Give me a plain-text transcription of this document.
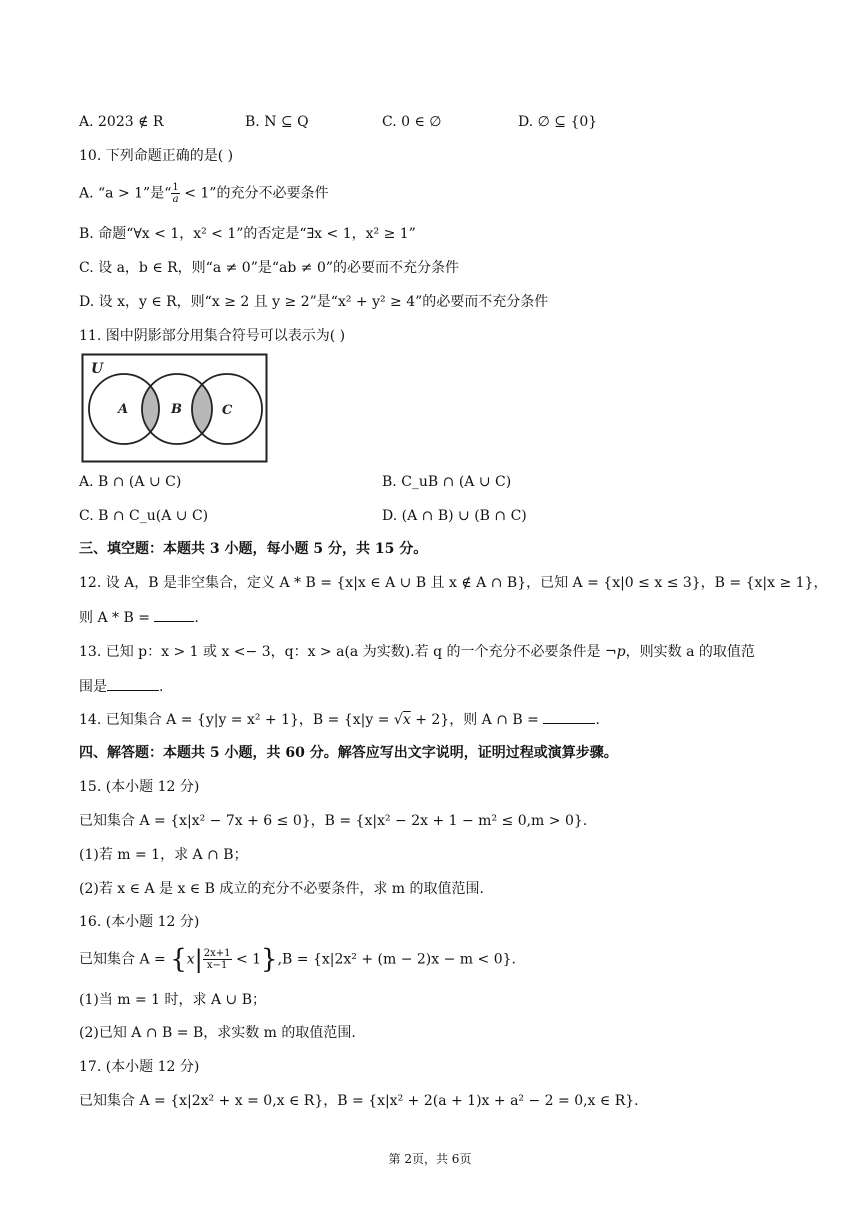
A. 2023 ∉ R	B. N ⊆ Q	C. 0 ∈ ∅	D. ∅ ⊆ {0}
10. 下列命题正确的是( )
A. “a > 1”是“ $\frac{1}{a} < 1$”的充分不必要条件
B. 命题“∀x < 1，x² < 1”的否定是“∃x < 1，x² ≥ 1”
C. 设 a，b ∈ R，则“a ≠ 0”是“ab ≠ 0”的必要而不充分条件
D. 设 x，y ∈ R，则“x ≥ 2 且 y ≥ 2”是“x² + y² ≥ 4”的必要而不充分条件
11. 图中阴影部分用集合符号可以表示为( )
U
A	B	C
A. B ∩ (A ∪ C)	B. C_uB ∩ (A ∪ C)
C. B ∩ C_u(A ∪ C)	D. (A ∩ B) ∪ (B ∩ C)
三、填空题：本题共 3 小题，每小题 5 分，共 15 分。
12. 设 A，B 是非空集合，定义 A * B = {x|x ∈ A ∪ B 且 x ∉ A ∩ B}，已知 A = {x|0 ≤ x ≤ 3}，B = {x|x ≥ 1}，
则 A * B =	.
13. 已知 p：x > 1 或 x <− 3，q：x > a(a 为实数).若 q 的一个充分不必要条件是 ¬p，则实数 a 的取值范
围是	.
14. 已知集合 A = {y|y = x² + 1}，B = {x|y = √x + 2}，则 A ∩ B =	.
四、解答题：本题共 5 小题，共 60 分。解答应写出文字说明，证明过程或演算步骤。
15. (本小题 12 分)
已知集合 A = {x|x² − 7x + 6 ≤ 0}，B = {x|x² − 2x + 1 − m² ≤ 0,m > 0}.
(1)若 m = 1，求 A ∩ B；
(2)若 x ∈ A 是 x ∈ B 成立的充分不必要条件，求 m 的取值范围.
16. (本小题 12 分)
已知集合 $A = \{x| \frac{2x+1}{x-1} < 1\},B = \{x|2x^2 + (m - 2)x - m < 0\}$.
(1)当 m = 1 时，求 A ∪ B；
(2)已知 A ∩ B = B，求实数 m 的取值范围.
17. (本小题 12 分)
已知集合 A = {x|2x² + x = 0,x ∈ R}，B = {x|x² + 2(a + 1)x + a² − 2 = 0,x ∈ R}.
第 2页，共 6页
